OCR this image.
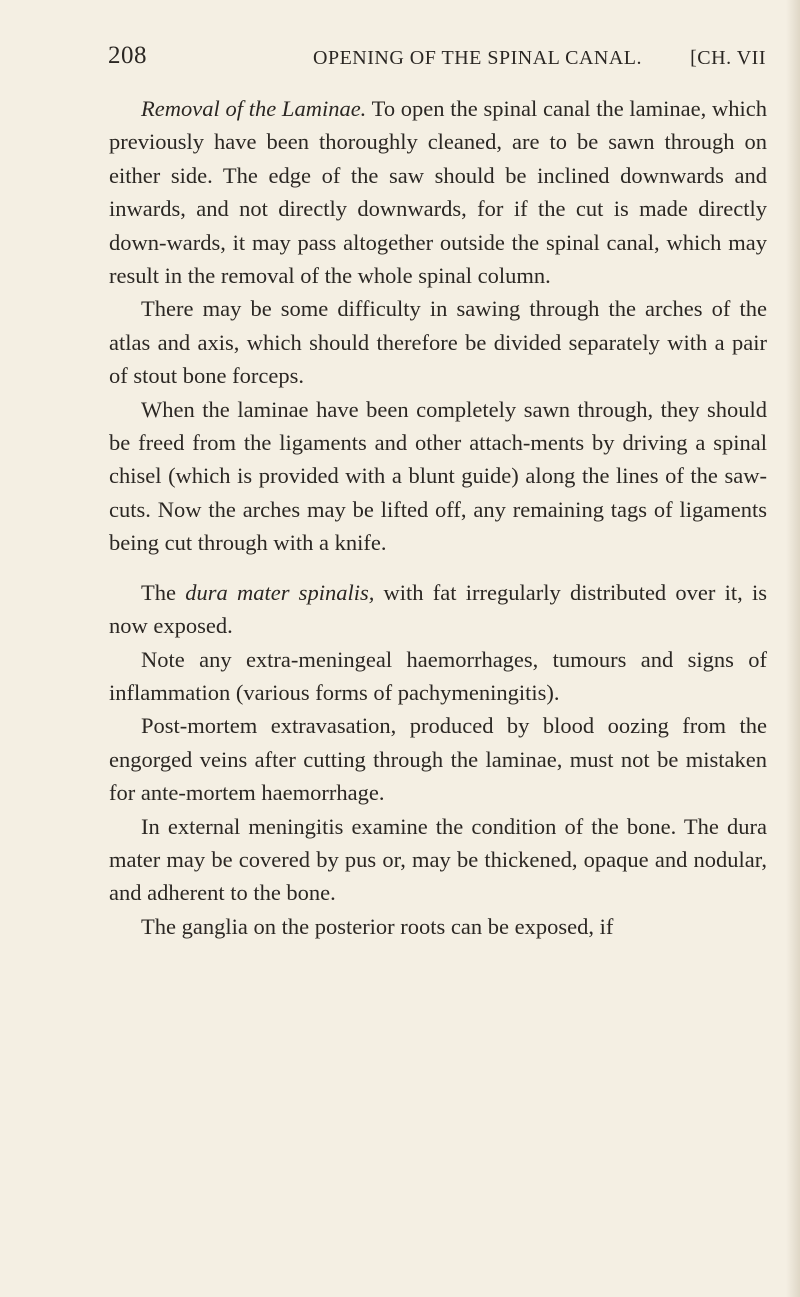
208	OPENING OF THE SPINAL CANAL. [CH. VII

Removal of the Laminae. To open the spinal canal the laminae, which previously have been thoroughly cleaned, are to be sawn through on either side. The edge of the saw should be inclined downwards and inwards, and not directly downwards, for if the cut is made directly down-wards, it may pass altogether outside the spinal canal, which may result in the removal of the whole spinal column.

There may be some difficulty in sawing through the arches of the atlas and axis, which should therefore be divided separately with a pair of stout bone forceps.

When the laminae have been completely sawn through, they should be freed from the ligaments and other attach-ments by driving a spinal chisel (which is provided with a blunt guide) along the lines of the saw-cuts. Now the arches may be lifted off, any remaining tags of ligaments being cut through with a knife.

The dura mater spinalis, with fat irregularly distributed over it, is now exposed.

Note any extra-meningeal haemorrhages, tumours and signs of inflammation (various forms of pachymeningitis).

Post-mortem extravasation, produced by blood oozing from the engorged veins after cutting through the laminae, must not be mistaken for ante-mortem haemorrhage.

In external meningitis examine the condition of the bone. The dura mater may be covered by pus or, may be thickened, opaque and nodular, and adherent to the bone.

The ganglia on the posterior roots can be exposed, if
